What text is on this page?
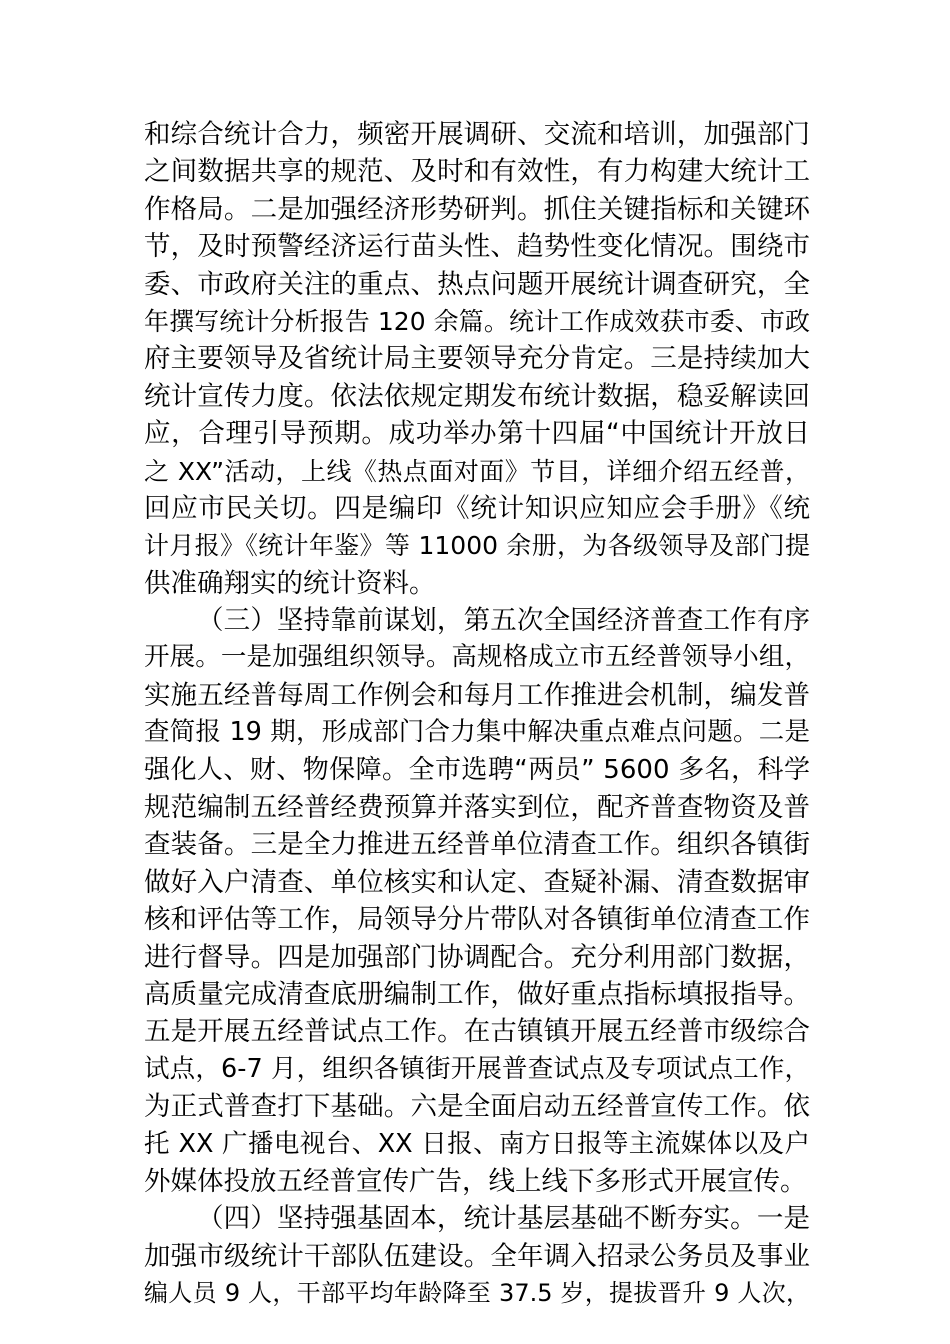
和综合统计合力，频密开展调研、交流和培训，加强部门
之间数据共享的规范、及时和有效性，有力构建大统计工
作格局。二是加强经济形势研判。抓住关键指标和关键环
节，及时预警经济运行苗头性、趋势性变化情况。围绕市
委、市政府关注的重点、热点问题开展统计调查研究，全
年撰写统计分析报告 120 余篇。统计工作成效获市委、市政
府主要领导及省统计局主要领导充分肯定。三是持续加大
统计宣传力度。依法依规定期发布统计数据，稳妥解读回
应，合理引导预期。成功举办第十四届“中国统计开放日
之 XX”活动，上线《热点面对面》节目，详细介绍五经普，
回应市民关切。四是编印《统计知识应知应会手册》《统
计月报》《统计年鉴》等 11000 余册，为各级领导及部门提
供准确翔实的统计资料。
（三）坚持靠前谋划，第五次全国经济普查工作有序
开展。一是加强组织领导。高规格成立市五经普领导小组，
实施五经普每周工作例会和每月工作推进会机制，编发普
查简报 19 期，形成部门合力集中解决重点难点问题。二是
强化人、财、物保障。全市选聘“两员” 5600 多名，科学
规范编制五经普经费预算并落实到位，配齐普查物资及普
查装备。三是全力推进五经普单位清查工作。组织各镇街
做好入户清查、单位核实和认定、查疑补漏、清查数据审
核和评估等工作，局领导分片带队对各镇街单位清查工作
进行督导。四是加强部门协调配合。充分利用部门数据，
高质量完成清查底册编制工作，做好重点指标填报指导。
五是开展五经普试点工作。在古镇镇开展五经普市级综合
试点，6-7 月，组织各镇街开展普查试点及专项试点工作，
为正式普查打下基础。六是全面启动五经普宣传工作。依
托 XX 广播电视台、XX 日报、南方日报等主流媒体以及户
外媒体投放五经普宣传广告，线上线下多形式开展宣传。
（四）坚持强基固本，统计基层基础不断夯实。一是
加强市级统计干部队伍建设。全年调入招录公务员及事业
编人员 9 人，干部平均年龄降至 37.5 岁，提拔晋升 9 人次，
